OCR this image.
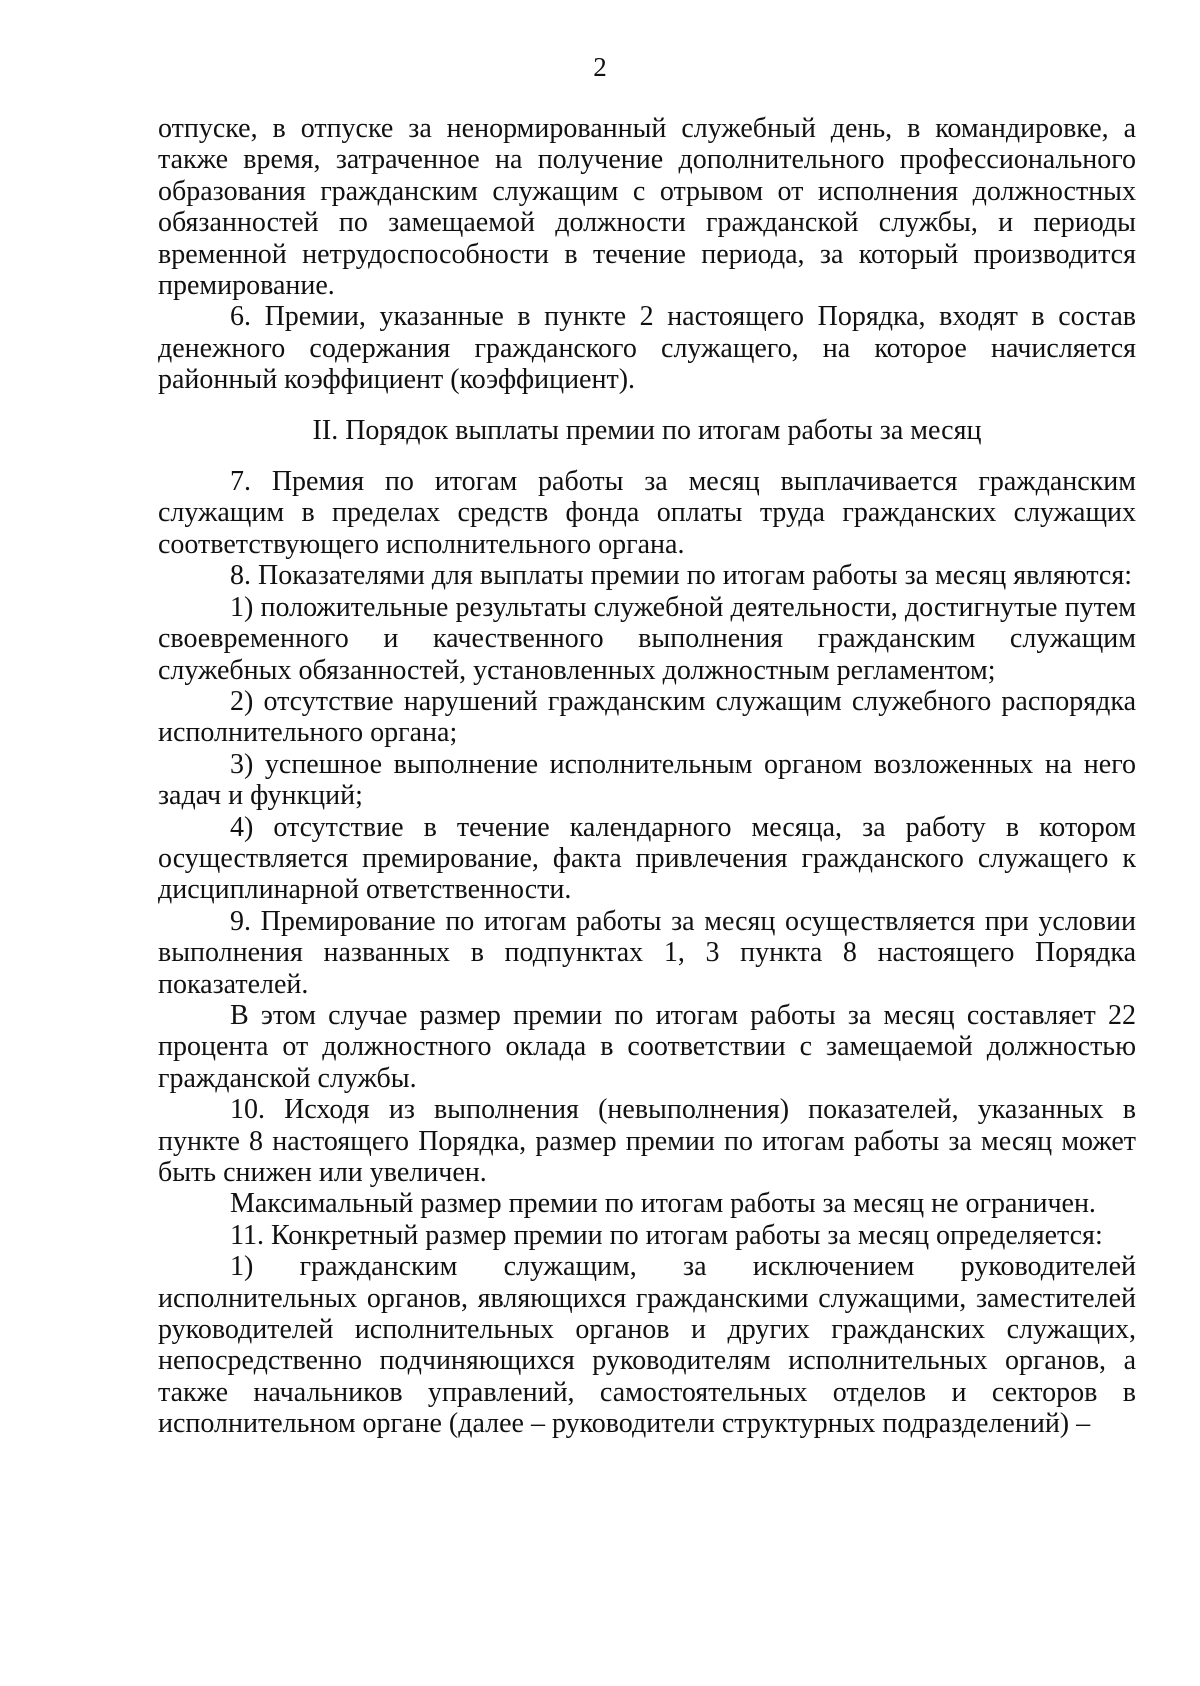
2

отпуске, в отпуске за ненормированный служебный день, в командировке, а также время, затраченное на получение дополнительного профессионального образования гражданским служащим с отрывом от исполнения должностных обязанностей по замещаемой должности гражданской службы, и периоды временной нетрудоспособности в течение периода, за который производится премирование.

6. Премии, указанные в пункте 2 настоящего Порядка, входят в состав денежного содержания гражданского служащего, на которое начисляется районный коэффициент (коэффициент).

II. Порядок выплаты премии по итогам работы за месяц

7. Премия по итогам работы за месяц выплачивается гражданским служащим в пределах средств фонда оплаты труда гражданских служащих соответствующего исполнительного органа.

8. Показателями для выплаты премии по итогам работы за месяц являются:

1) положительные результаты служебной деятельности, достигнутые путем своевременного и качественного выполнения гражданским служащим служебных обязанностей, установленных должностным регламентом;

2) отсутствие нарушений гражданским служащим служебного распорядка исполнительного органа;

3) успешное выполнение исполнительным органом возложенных на него задач и функций;

4) отсутствие в течение календарного месяца, за работу в котором осуществляется премирование, факта привлечения гражданского служащего к дисциплинарной ответственности.

9. Премирование по итогам работы за месяц осуществляется при условии выполнения названных в подпунктах 1, 3 пункта 8 настоящего Порядка показателей.

В этом случае размер премии по итогам работы за месяц составляет 22 процента от должностного оклада в соответствии с замещаемой должностью гражданской службы.

10. Исходя из выполнения (невыполнения) показателей, указанных в пункте 8 настоящего Порядка, размер премии по итогам работы за месяц может быть снижен или увеличен.

Максимальный размер премии по итогам работы за месяц не ограничен.

11. Конкретный размер премии по итогам работы за месяц определяется:

1) гражданским служащим, за исключением руководителей исполнительных органов, являющихся гражданскими служащими, заместителей руководителей исполнительных органов и других гражданских служащих, непосредственно подчиняющихся руководителям исполнительных органов, а также начальников управлений, самостоятельных отделов и секторов в исполнительном органе (далее – руководители структурных подразделений) –
